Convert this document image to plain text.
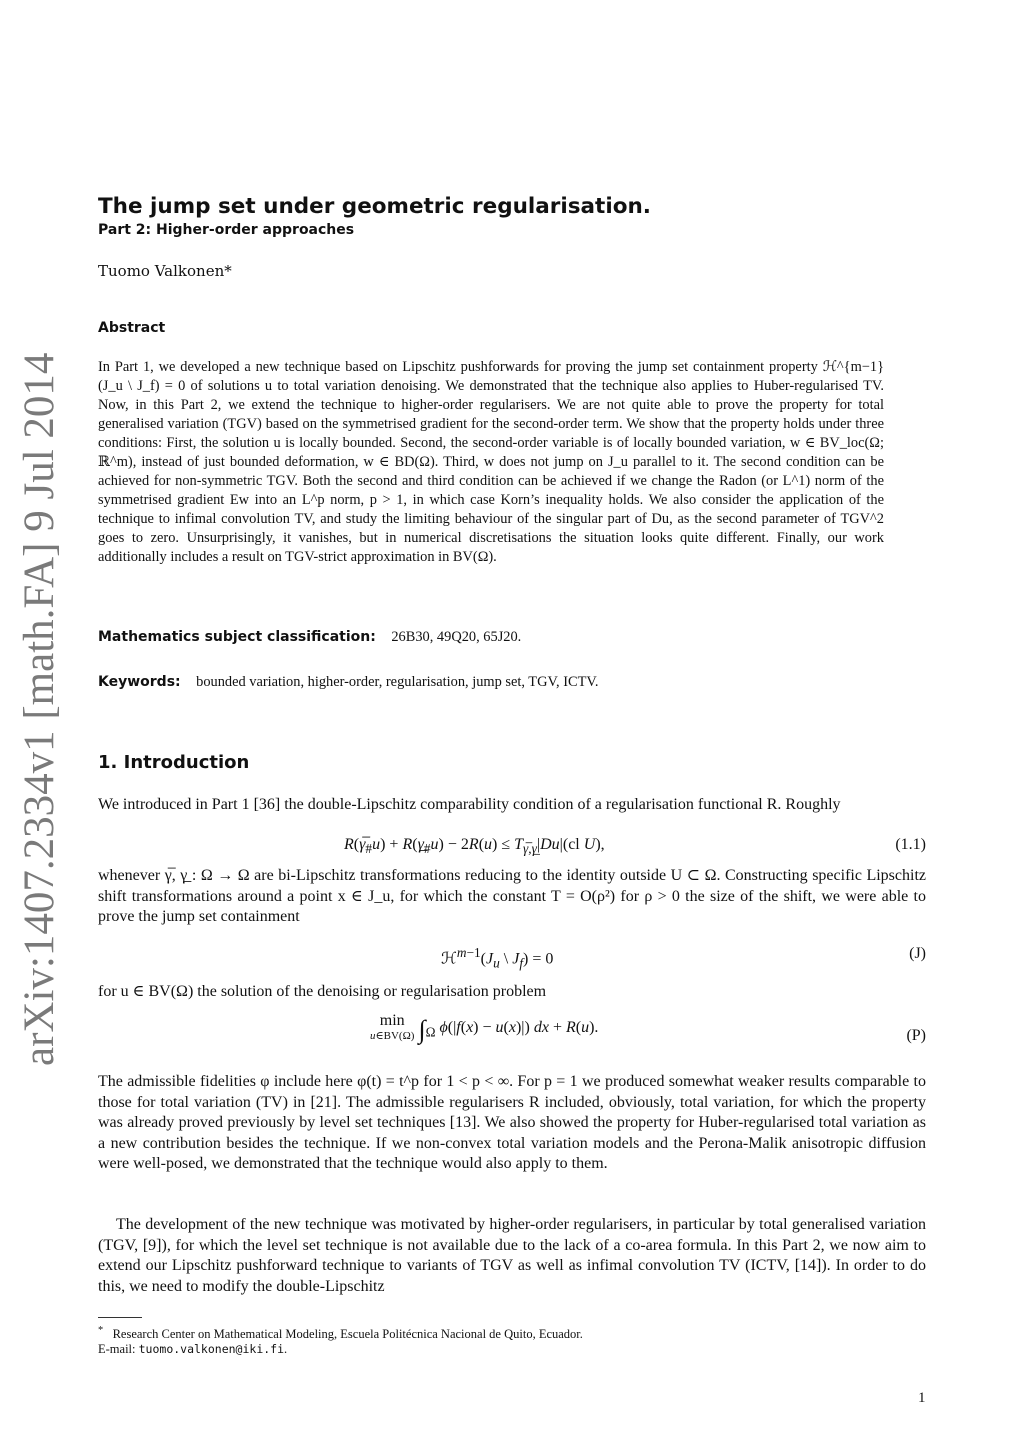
arXiv:1407.2334v1 [math.FA] 9 Jul 2014
The jump set under geometric regularisation.
Part 2: Higher-order approaches
Tuomo Valkonen*
Abstract
In Part 1, we developed a new technique based on Lipschitz pushforwards for proving the jump set containment property ℋ^{m−1}(J_u \ J_f) = 0 of solutions u to total variation denoising. We demonstrated that the technique also applies to Huber-regularised TV. Now, in this Part 2, we extend the technique to higher-order regularisers. We are not quite able to prove the property for total generalised variation (TGV) based on the symmetrised gradient for the second-order term. We show that the property holds under three conditions: First, the solution u is locally bounded. Second, the second-order variable is of locally bounded variation, w ∈ BV_loc(Ω; ℝ^m), instead of just bounded deformation, w ∈ BD(Ω). Third, w does not jump on J_u parallel to it. The second condition can be achieved for non-symmetric TGV. Both the second and third condition can be achieved if we change the Radon (or L^1) norm of the symmetrised gradient Ew into an L^p norm, p > 1, in which case Korn’s inequality holds. We also consider the application of the technique to infimal convolution TV, and study the limiting behaviour of the singular part of Du, as the second parameter of TGV^2 goes to zero. Unsurprisingly, it vanishes, but in numerical discretisations the situation looks quite different. Finally, our work additionally includes a result on TGV-strict approximation in BV(Ω).
Mathematics subject classification: 26B30, 49Q20, 65J20.
Keywords: bounded variation, higher-order, regularisation, jump set, TGV, ICTV.
1. Introduction
We introduced in Part 1 [36] the double-Lipschitz comparability condition of a regularisation functional R. Roughly
$R(\gamma̅_{\#}u)$ + $R(\gamma̲_{\#}u) - 2R(u) \le T_{\gamma̅,\gamma̲}|Du|(cl$ U),	(1.1)
whenever γ̅, γ̲ : Ω → Ω are bi-Lipschitz transformations reducing to the identity outside U ⊂ Ω. Constructing specific Lipschitz shift transformations around a point x ∈ J_u, for which the constant T = O(ρ²) for ρ > 0 the size of the shift, we were able to prove the jump set containment
$ℋ^{m-1}(J_u$ \ $J_f) = 0$	(J)
for u ∈ BV(Ω) the solution of the denoising or regularisation problem
min
u∈BV(Ω) $\int_\Omega$ ϕ(|f(x) − u(x)|) dx + R(u).	(P)
The admissible fidelities φ include here φ(t) = t^p for 1 < p < ∞. For p = 1 we produced somewhat weaker results comparable to those for total variation (TV) in [21]. The admissible regularisers R included, obviously, total variation, for which the property was already proved previously by level set techniques [13]. We also showed the property for Huber-regularised total variation as a new contribution besides the technique. If we non-convex total variation models and the Perona-Malik anisotropic diffusion were well-posed, we demonstrated that the technique would also apply to them.
The development of the new technique was motivated by higher-order regularisers, in particular by total generalised variation (TGV, [9]), for which the level set technique is not available due to the lack of a co-area formula. In this Part 2, we now aim to extend our Lipschitz pushforward technique to variants of TGV as well as infimal convolution TV (ICTV, [14]). In order to do this, we need to modify the double-Lipschitz
* Research Center on Mathematical Modeling, Escuela Politécnica Nacional de Quito, Ecuador.
E-mail: tuomo.valkonen@iki.fi.
1
